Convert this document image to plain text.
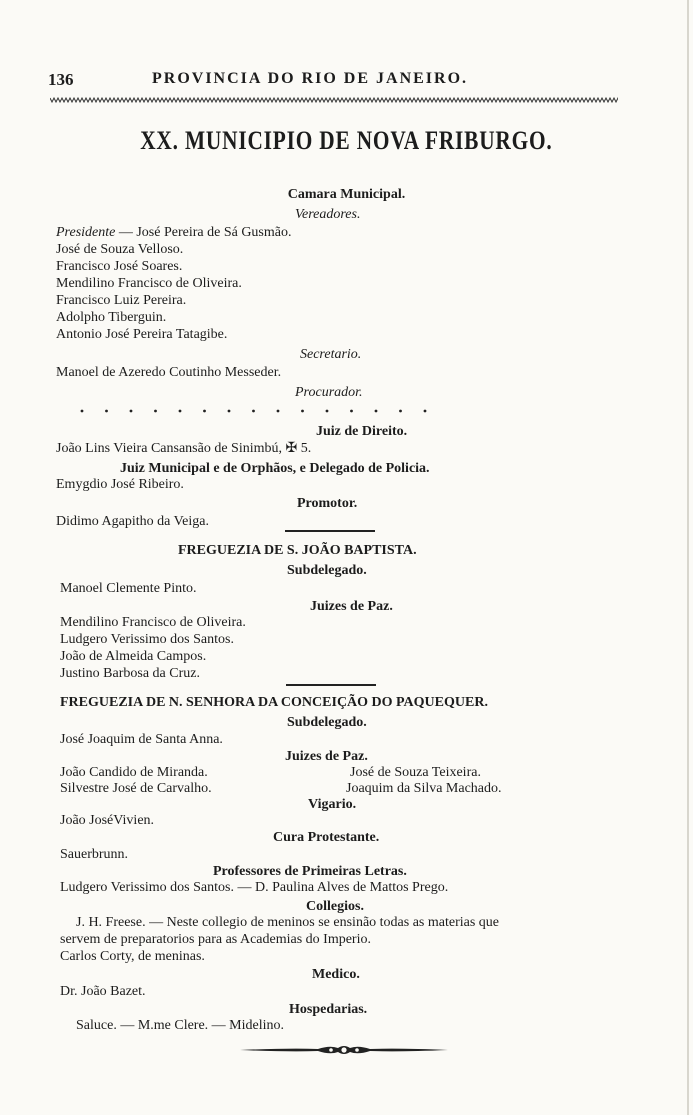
136	PROVINCIA DO RIO DE JANEIRO.
XX. MUNICIPIO DE NOVA FRIBURGO.
Camara Municipal.
Vereadores.
Presidente — José Pereira de Sá Gusmão.
José de Souza Velloso.
Francisco José Soares.
Mendilino Francisco de Oliveira.
Francisco Luiz Pereira.
Adolpho Tiberguin.
Antonio José Pereira Tatagibe.
Secretario.
Manoel de Azeredo Coutinho Messeder.
Procurador.
Juiz de Direito.
João Lins Vieira Cansansão de Sinimbú, ✠ 5.
Juiz Municipal e de Orphãos, e Delegado de Policia.
Emygdio José Ribeiro.
Promotor.
Didimo Agapitho da Veiga.
FREGUEZIA DE S. JOÃO BAPTISTA.
Subdelegado.
Manoel Clemente Pinto.
Juizes de Paz.
Mendilino Francisco de Oliveira.
Ludgero Verissimo dos Santos.
João de Almeida Campos.
Justino Barbosa da Cruz.
FREGUEZIA DE N. SENHORA DA CONCEIÇÃO DO PAQUEQUER.
Subdelegado.
José Joaquim de Santa Anna.
Juizes de Paz.
João Candido de Miranda.	José de Souza Teixeira.
Silvestre José de Carvalho.	Joaquim da Silva Machado.
Vigario.
João JoséVivien.
Cura Protestante.
Sauerbrunn.
Professores de Primeiras Letras.
Ludgero Verissimo dos Santos. — D. Paulina Alves de Mattos Prego.
Collegios.
J. H. Freese. — Neste collegio de meninos se ensinão todas as materias que
servem de preparatorios para as Academias do Imperio.
Carlos Corty, de meninas.
Medico.
Dr. João Bazet.
Hospedarias.
Saluce. — M.me Clere. — Midelino.
